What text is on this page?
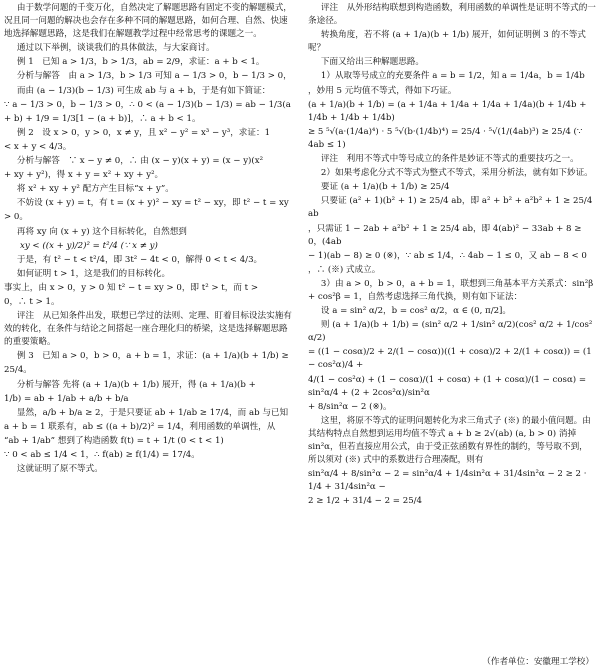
由于数学问题的千变万化，自然决定了解题思路有固定不变的解题模式，况且同一问题的解决也会存在多种不同的解题思路，如何合理、自然、快速地选择解题思路，这是我们在解题教学过程中经常思考的课题之一。

通过以下举例，谈谈我们的具体做法，与大家商讨。

例 1　已知 a > 1/3，b > 1/3，ab = 2/9，求证：a + b < 1。

分析与解答　由 a > 1/3，b > 1/3 可知 a − 1/3 > 0，b − 1/3 > 0，

而由 (a − 1/3)(b − 1/3) 可生成 ab 与 a + b，于是有如下简证：

∵ a − 1/3 > 0，b − 1/3 > 0，∴ 0 < (a − 1/3)(b − 1/3) = ab − 1/3(a

+ b) + 1/9 = 1/3[1 − (a + b)]，∴ a + b < 1。

例 2　设 x > 0，y > 0，x ≠ y，且 x² − y² = x³ − y³，求证：1

< x + y < 4/3。

分析与解答　∵ x − y ≠ 0，∴ 由 (x − y)(x + y) = (x − y)(x²

+ xy + y²)，得 x + y = x² + xy + y²。

将 x² + xy + y² 配方产生目标“x + y”。

不妨设 (x + y) = t，有 t = (x + y)² − xy = t² − xy，即 t² − t = xy

> 0。

再将 xy 向 (x + y) 这个目标转化，自然想到

xy < ((x + y)/2)² = t²/4 (∵ x ≠ y)

于是，有 t² − t < t²/4，即 3t² − 4t < 0，解得 0 < t < 4/3。

如何证明 t > 1，这是我们的目标转化。

事实上，由 x > 0，y > 0 知 t² − t = xy > 0，即 t² > t，而 t >

0，∴ t > 1。

评注　从已知条件出发，联想已学过的法则、定理、盯着目标设法实施有效的转化，在条件与结论之间搭起一座合理化归的桥梁，这是选择解题思路的重要策略。

例 3　已知 a > 0，b > 0，a + b = 1，求证：(a + 1/a)(b + 1/b) ≥

25/4。

分析与解答 先将 (a + 1/a)(b + 1/b) 展开，得 (a + 1/a)(b +

1/b) = ab + 1/ab + a/b + b/a

显然，a/b + b/a ≥ 2，于是只要证 ab + 1/ab ≥ 17/4，而 ab 与已知

a + b = 1 联系有，ab ≤ ((a + b)/2)² = 1/4，利用函数的单调性，从

“ab + 1/ab” 想到了构造函数 f(t) = t + 1/t (0 < t < 1)

∵ 0 < ab ≤ 1/4 < 1，∴ f(ab) ≥ f(1/4) = 17/4。

这就证明了原不等式。

评注　从外形结构联想到构造函数，利用函数的单调性是证明不等式的一条途径。

转换角度，若不将 (a + 1/a)(b + 1/b) 展开，如何证明例 3 的不等式呢？

下面又给出三种解题思路。

1）从取等号成立的充要条件 a = b = 1/2，知 a = 1/4a，b = 1/4b

，妙用 5 元均值不等式，得如下巧证。

(a + 1/a)(b + 1/b) = (a + 1/4a + 1/4a + 1/4a + 1/4a)(b + 1/4b + 1/4b + 1/4b + 1/4b)

≥ 5 ⁵√(a·(1/4a)⁴) · 5 ⁵√(b·(1/4b)⁴) = 25/4 · ⁵√(1/(4ab)³) ≥ 25/4 (∵ 4ab ≤ 1)

评注　利用不等式中等号成立的条件是妙证不等式的重要技巧之一。

2）如果考虑化分式不等式为整式不等式，采用分析法，就有如下妙证。

要证 (a + 1/a)(b + 1/b) ≥ 25/4

只要证 (a² + 1)(b² + 1) ≥ 25/4 ab，即 a² + b² + a²b² + 1 ≥ 25/4 ab

，只需证 1 − 2ab + a²b² + 1 ≥ 25/4 ab，即 4(ab)² − 33ab + 8 ≥ 0，(4ab

− 1)(ab − 8) ≥ 0 (※)，∵ ab ≤ 1/4，∴ 4ab − 1 ≤ 0，又 ab − 8 < 0

，∴ (※) 式成立。

3）由 a > 0，b > 0，a + b = 1，联想到三角基本平方关系式：sin²β + cos²β = 1，自然考虑选择三角代换，则有如下证法：

设 a = sin² α/2，b = cos² α/2，α ∈ (0, π/2]。

则 (a + 1/a)(b + 1/b) = (sin² α/2 + 1/sin² α/2)(cos² α/2 + 1/cos² α/2)

= ((1 − cosα)/2 + 2/(1 − cosα))((1 + cosα)/2 + 2/(1 + cosα)) = (1 − cos²α)/4 +

4/(1 − cos²α) + (1 − cosα)/(1 + cosα) + (1 + cosα)/(1 − cosα) = sin²α/4 + (2 + 2cos²α)/sin²α

+ 8/sin²α − 2 (※)。

这里，将原不等式的证明问题转化为求三角式子 (※) 的最小值问题。由其结构特点自然想到运用均值不等式 a + b ≥ 2√(ab) (a, b > 0) 消掉 sin²α，但若直接应用公式，由于受正弦函数有界性的制约，等号取不到，所以须对 (※) 式中的系数进行合理凑配，则有

sin²α/4 + 8/sin²α − 2 = sin²α/4 + 1/4sin²α + 31/4sin²α − 2 ≥ 2 · 1/4 + 31/4sin²α −

2 ≥ 1/2 + 31/4 − 2 = 25/4

（作者单位：安徽理工学校）
